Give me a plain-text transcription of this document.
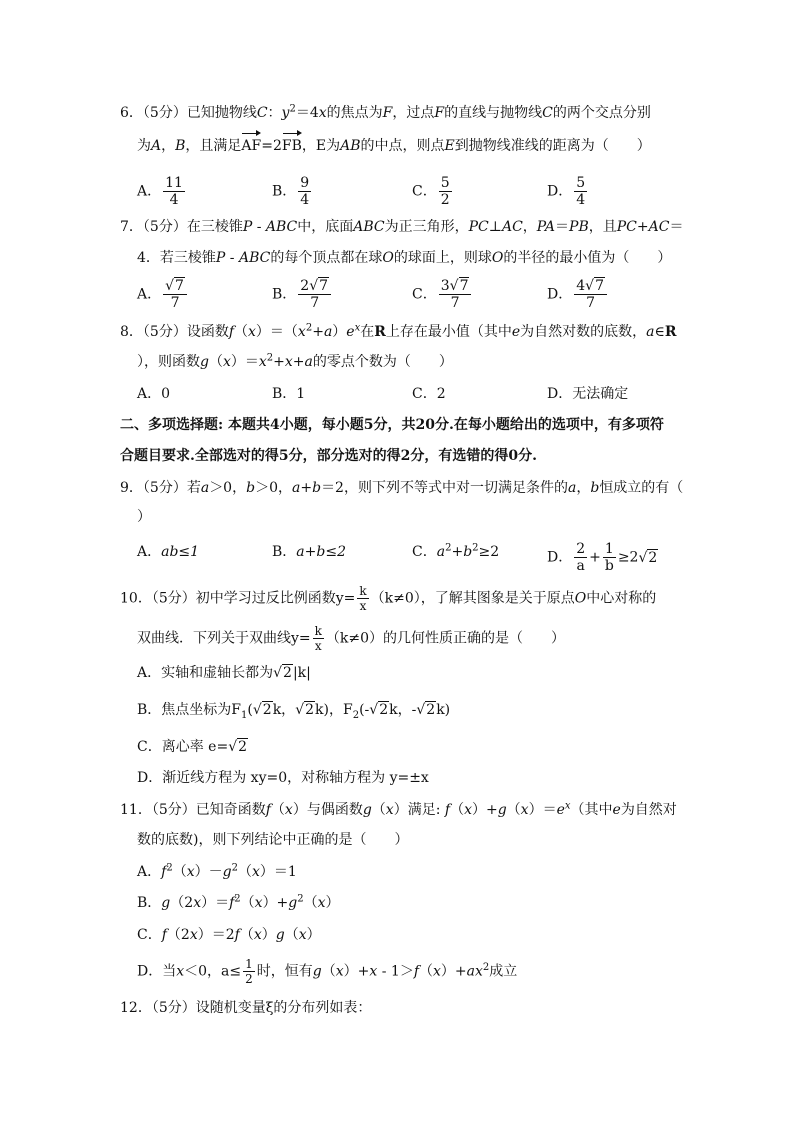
6．（5分）已知抛物线C：$y^2=4x$的焦点为F，过点F的直线与抛物线C的两个交点分别
为A，B，且满足AF=2FB，E为AB的中点，则点E到抛物线准线的距离为（　　）
A． $\frac{11}{4}$	B． $\frac{9}{4}$	C． $\frac{5}{2}$	D． $\frac{5}{4}$
7．（5分）在三棱锥P - ABC中，底面ABC为正三角形，PC⊥AC，PA＝PB，且PC+AC＝
4．若三棱锥P - ABC的每个顶点都在球O的球面上，则球O的半径的最小值为（　　）
A． $\frac{√7}{7}$	B． $\frac{2√7}{7}$	C． $\frac{3√7}{7}$	D． $\frac{4√7}{7}$
8．（5分）设函数$f(x)=(x^2+a)e^x$在R上存在最小值（其中e为自然对数的底数，a∈R
），则函数$g(x)=x^2+x+a$的零点个数为（　　）
A．0	B．1	C．2	D．无法确定
二、多项选择题: 本题共4小题，每小题5分，共20分.在每小题给出的选项中，有多项符
合题目要求.全部选对的得5分，部分选对的得2分，有选错的得0分.
9．（5分）若a＞0，b＞0，a+b＝2，则下列不等式中对一切满足条件的a，b恒成立的有（
）
A．ab≤1	B．a+b≤2	C．$a^2+b^2\ge 2$	D． $\frac{2}{a} + \frac{1}{b} \ge 2√2$
10．（5分）初中学习过反比例函数$y= \frac{k}{x} (k\ne 0)$，了解其图象是关于原点O中心对称的
双曲线．下列关于双曲线$y= \frac{k}{x} (k\ne 0)$的几何性质正确的是（　　）
A．实轴和虚轴长都为√2|k|
B．焦点坐标为$F_1(√2k$，√2k)，$F_2(-√2k$，-√2k)
C．离心率 e=√2
D．渐近线方程为 xy=0，对称轴方程为 y=±x
11．（5分）已知奇函数f（x）与偶函数g（x）满足: $f(x)+g(x)=e^x$（其中e为自然对
数的底数)，则下列结论中正确的是（　　）
A．$f^2(x)-g^2(x)=1$
B．$g(2x)=f^2(x)+g^2(x)$
C．f（2x）＝2f（x）g（x）
D．当x＜0，$a\le \frac{1}{2}$ 时，恒有$g(x)+x - 1>f(x)+ax^2$成立
12．（5分）设随机变量ξ的分布列如表：
